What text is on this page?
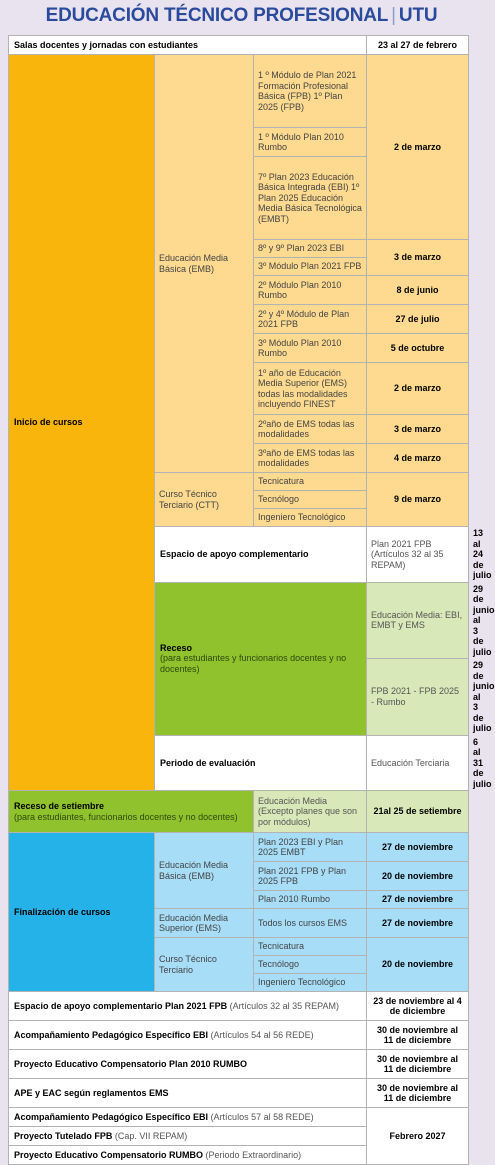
EDUCACIÓN TÉCNICO PROFESIONAL | UTU
Salas docentes y jornadas con estudiantes			23 al 27 de febrero	
Inicio de cursos	Educación Media Básica (EMB)	1 º Módulo de Plan 2021 Formación Profesional Básica (FPB) 1º Plan 2025 (FPB)	2 de marzo	
		1 º Módulo Plan 2010 Rumbo		
		7º Plan 2023 Educación Básica Integrada (EBI) 1º Plan 2025 Educación Media Básica Tecnológica (EMBT)		
		8º y 9º Plan 2023 EBI	3 de marzo	
		3º Módulo Plan 2021 FPB		
		2º Módulo Plan 2010 Rumbo	8 de junio	
		2º y 4º Módulo de Plan 2021 FPB	27 de julio	
		3º Módulo Plan 2010 Rumbo	5 de octubre	
		1º año de Educación Media Superior (EMS) todas las modalidades incluyendo FINEST	2 de marzo	
		2ºaño de EMS todas las modalidades	3 de marzo	
		3ºaño de EMS todas las modalidades	4 de marzo	
	Curso Técnico Terciario (CTT)	Tecnicatura	9 de marzo	
		Tecnólogo		
		Ingeniero Tecnológico		
	Espacio de apoyo complementario		Plan 2021 FPB (Artículos 32 al 35 REPAM)	13 al 24 de julio

	Receso
(para estudiantes y funcionarios docentes y no docentes)		Educación Media: EBI, EMBT y EMS	29 de junio al 3 de julio
			FPB 2021 - FPB 2025 - Rumbo	29 de junio al 3 de julio
	Periodo de evaluación		Educación Terciaria	6 al 31 de julio

Receso de setiembre
(para estudiantes, funcionarios docentes y no docentes)		Educación Media (Excepto planes que son por módulos)	21al 25 de setiembre	
Finalización de cursos	Educación Media Básica (EMB)	Plan 2023 EBI y Plan 2025 EMBT	27 de noviembre	
		Plan 2021 FPB y Plan 2025 FPB	20 de noviembre	
		Plan 2010 Rumbo	27 de noviembre	
	Educación Media Superior (EMS)	Todos los cursos EMS	27 de noviembre	
	Curso Técnico Terciario	Tecnicatura	20 de noviembre	
		Tecnólogo		
		Ingeniero Tecnológico		
Espacio de apoyo complementario Plan 2021 FPB (Artículos 32 al 35 REPAM)			23 de noviembre al 4 de diciembre	
Acompañamiento Pedagógico Específico EBI (Artículos 54 al 56 REDE)			30 de noviembre al 11 de diciembre	
Proyecto Educativo Compensatorio Plan 2010 RUMBO			30 de noviembre al 11 de diciembre	
APE y EAC según reglamentos EMS			30 de noviembre al 11 de diciembre	
Acompañamiento Pedagógico Específico EBI (Artículos 57 al 58 REDE)			Febrero 2027	
Proyecto Tutelado FPB (Cap. VII REPAM)				
Proyecto Educativo Compensatorio RUMBO (Periodo Extraordinario)				
